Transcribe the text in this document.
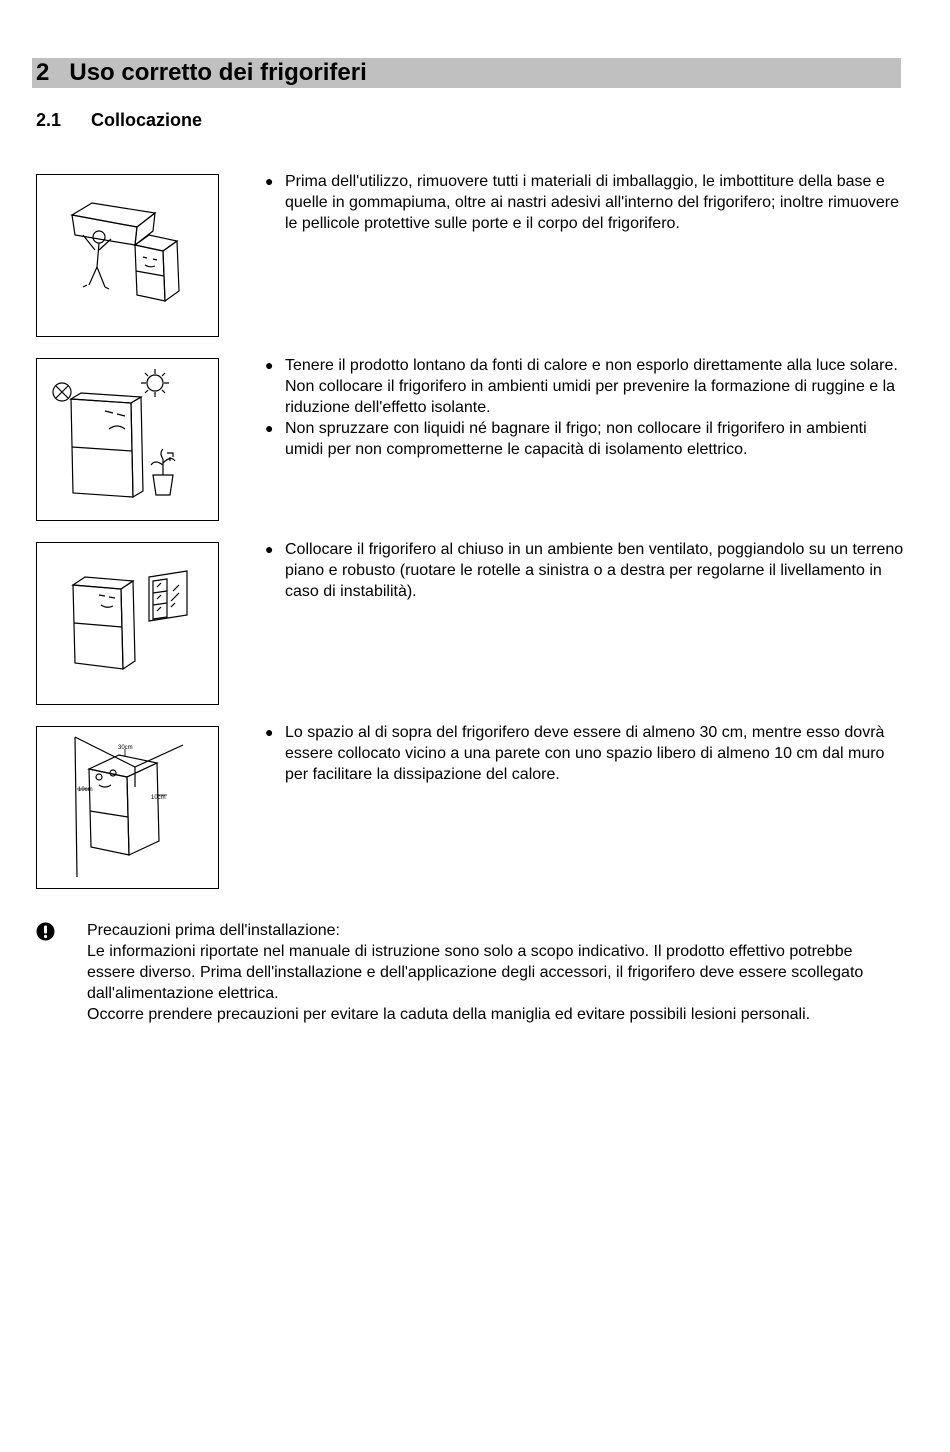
2 Uso corretto dei frigoriferi
2.1 Collocazione
● Prima dell'utilizzo, rimuovere tutti i materiali di imballaggio, le imbottiture della base e quelle in gommapiuma, oltre ai nastri adesivi all'interno del frigorifero; inoltre rimuovere le pellicole protettive sulle porte e il corpo del frigorifero.
● Tenere il prodotto lontano da fonti di calore e non esporlo direttamente alla luce solare. Non collocare il frigorifero in ambienti umidi per prevenire la formazione di ruggine e la riduzione dell'effetto isolante.
● Non spruzzare con liquidi né bagnare il frigo; non collocare il frigorifero in ambienti umidi per non comprometterne le capacità di isolamento elettrico.
● Collocare il frigorifero al chiuso in un ambiente ben ventilato, poggiandolo su un terreno piano e robusto (ruotare le rotelle a sinistra o a destra per regolarne il livellamento in caso di instabilità).
30cm
10cm
10cm
● Lo spazio al di sopra del frigorifero deve essere di almeno 30 cm, mentre esso dovrà essere collocato vicino a una parete con uno spazio libero di almeno 10 cm dal muro per facilitare la dissipazione del calore.

Precauzioni prima dell'installazione:

Le informazioni riportate nel manuale di istruzione sono solo a scopo indicativo. Il prodotto effettivo potrebbe essere diverso. Prima dell'installazione e dell'applicazione degli accessori, il frigorifero deve essere scollegato dall'alimentazione elettrica.

Occorre prendere precauzioni per evitare la caduta della maniglia ed evitare possibili lesioni personali.
